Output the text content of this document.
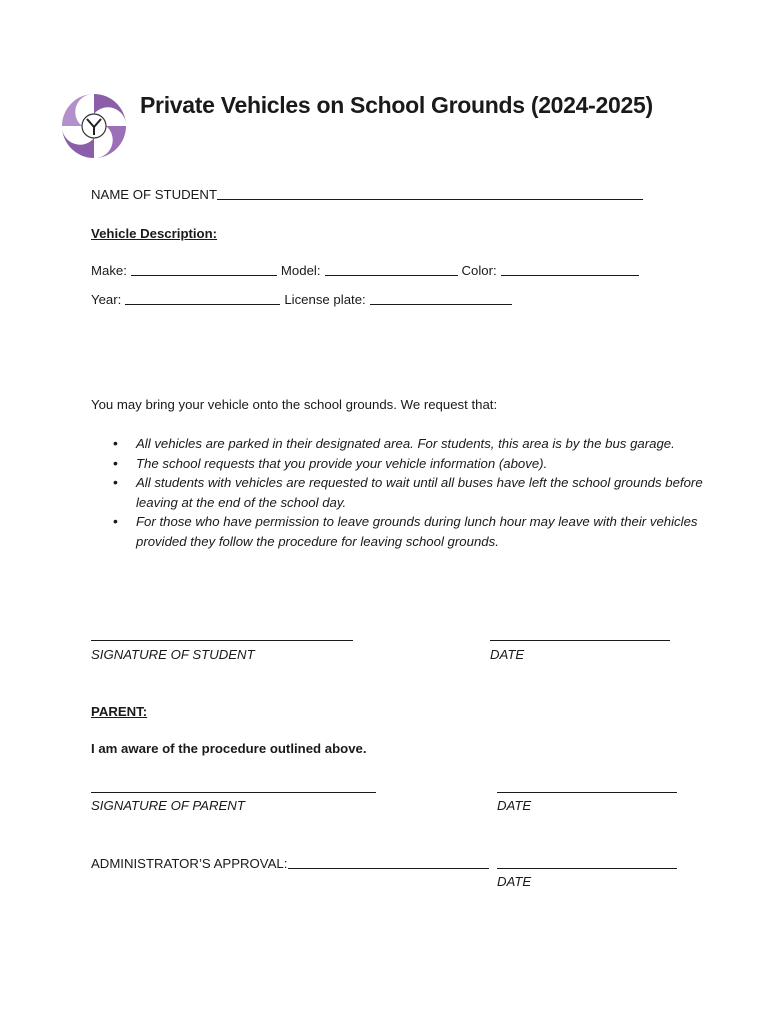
Private Vehicles on School Grounds (2024-2025)
NAME OF STUDENT
Vehicle Description:
Make:	Model:	Color:
Year:	License plate:
You may bring your vehicle onto the school grounds. We request that:
• All vehicles are parked in their designated area. For students, this area is by the bus garage.
• The school requests that you provide your vehicle information (above).
• All students with vehicles are requested to wait until all buses have left the school grounds before leaving at the end of the school day.
• For those who have permission to leave grounds during lunch hour may leave with their vehicles provided they follow the procedure for leaving school grounds.
SIGNATURE OF STUDENT	DATE
PARENT:
I am aware of the procedure outlined above.
SIGNATURE OF PARENT	DATE
ADMINISTRATOR’S APPROVAL:
DATE
